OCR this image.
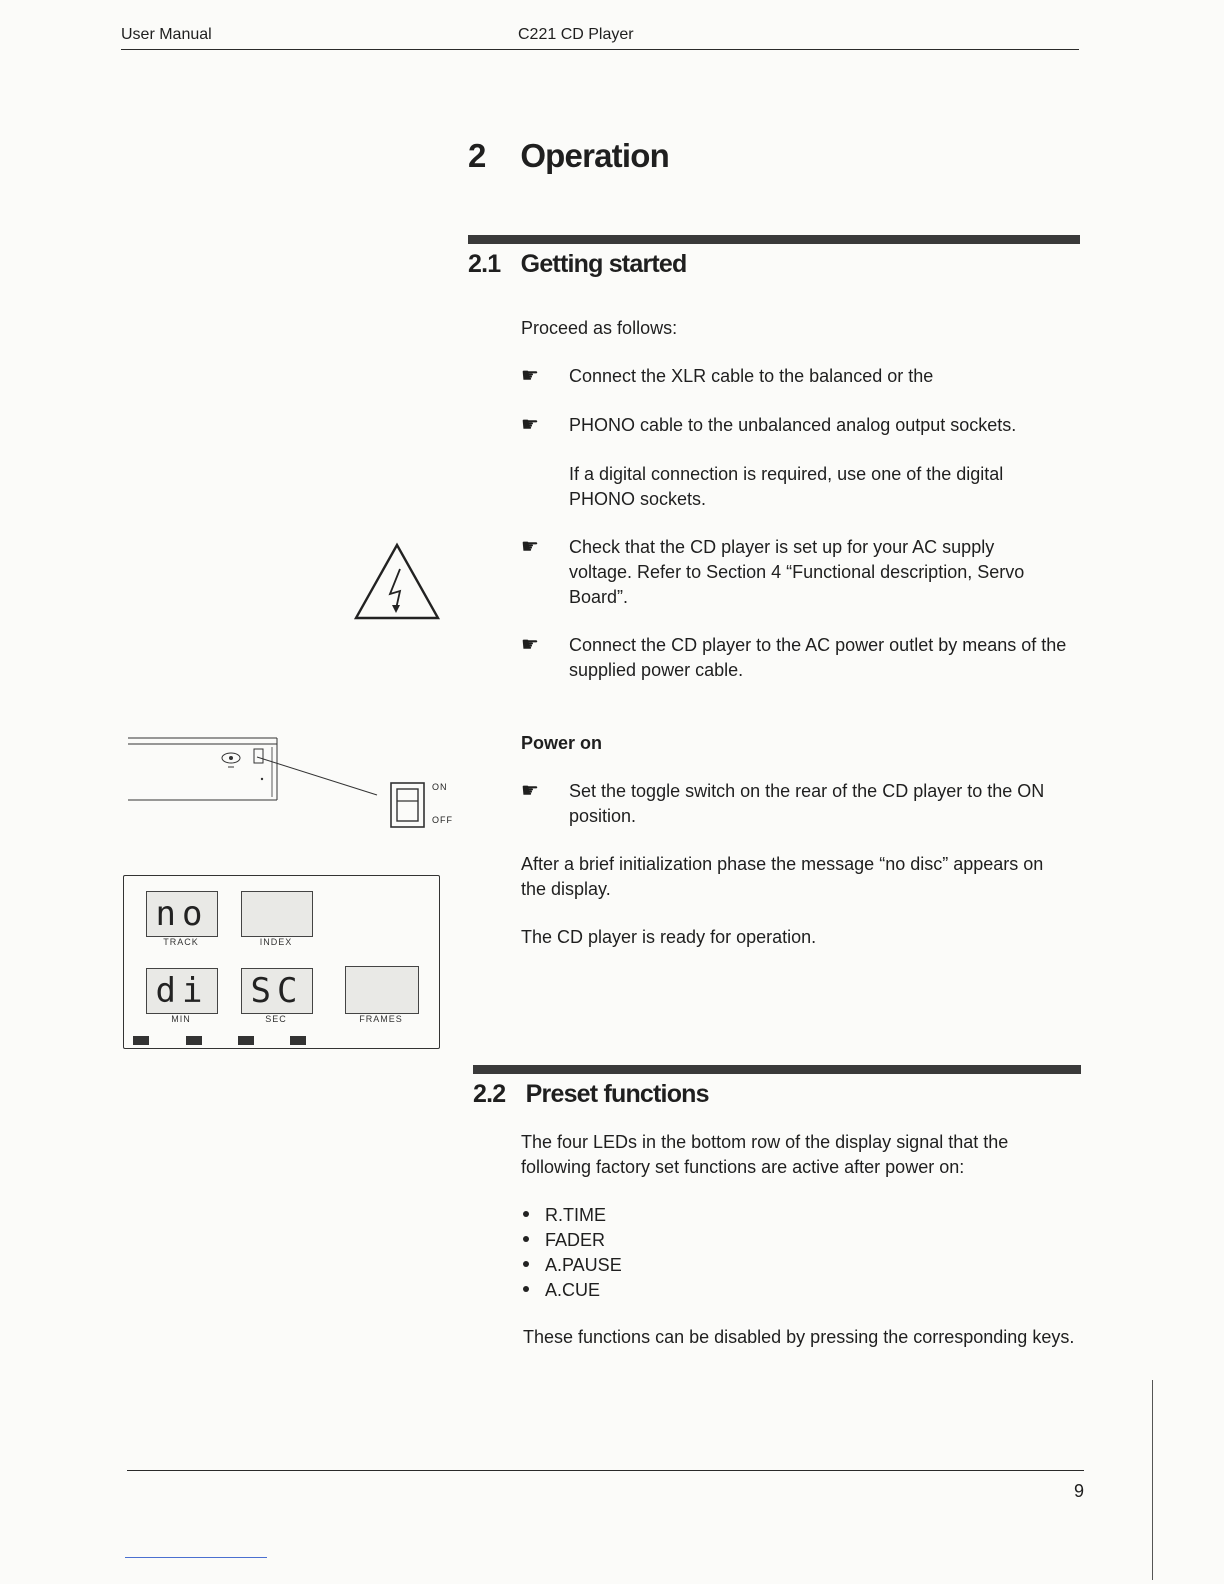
User Manual	C221 CD Player
2 Operation
2.1 Getting started
Proceed as follows:
☛ Connect the XLR cable to the balanced or the
☛ PHONO cable to the unbalanced analog output sockets.
If a digital connection is required, use one of the digital PHONO sockets.
☛ Check that the CD player is set up for your AC supply voltage. Refer to Section 4 “Functional description, Servo Board”.
☛ Connect the CD player to the AC power outlet by means of the supplied power cable.
Power on
☛ Set the toggle switch on the rear of the CD player to the ON position.
After a brief initialization phase the message “no disc” appears on the display.
The CD player is ready for operation.
ON
OFF
no
TRACK	INDEX
di
MIN
SC
SEC	FRAMES
2.2 Preset functions
The four LEDs in the bottom row of the display signal that the following factory set functions are active after power on:
R.TIME
FADER
A.PAUSE
A.CUE
These functions can be disabled by pressing the corresponding keys.
9
